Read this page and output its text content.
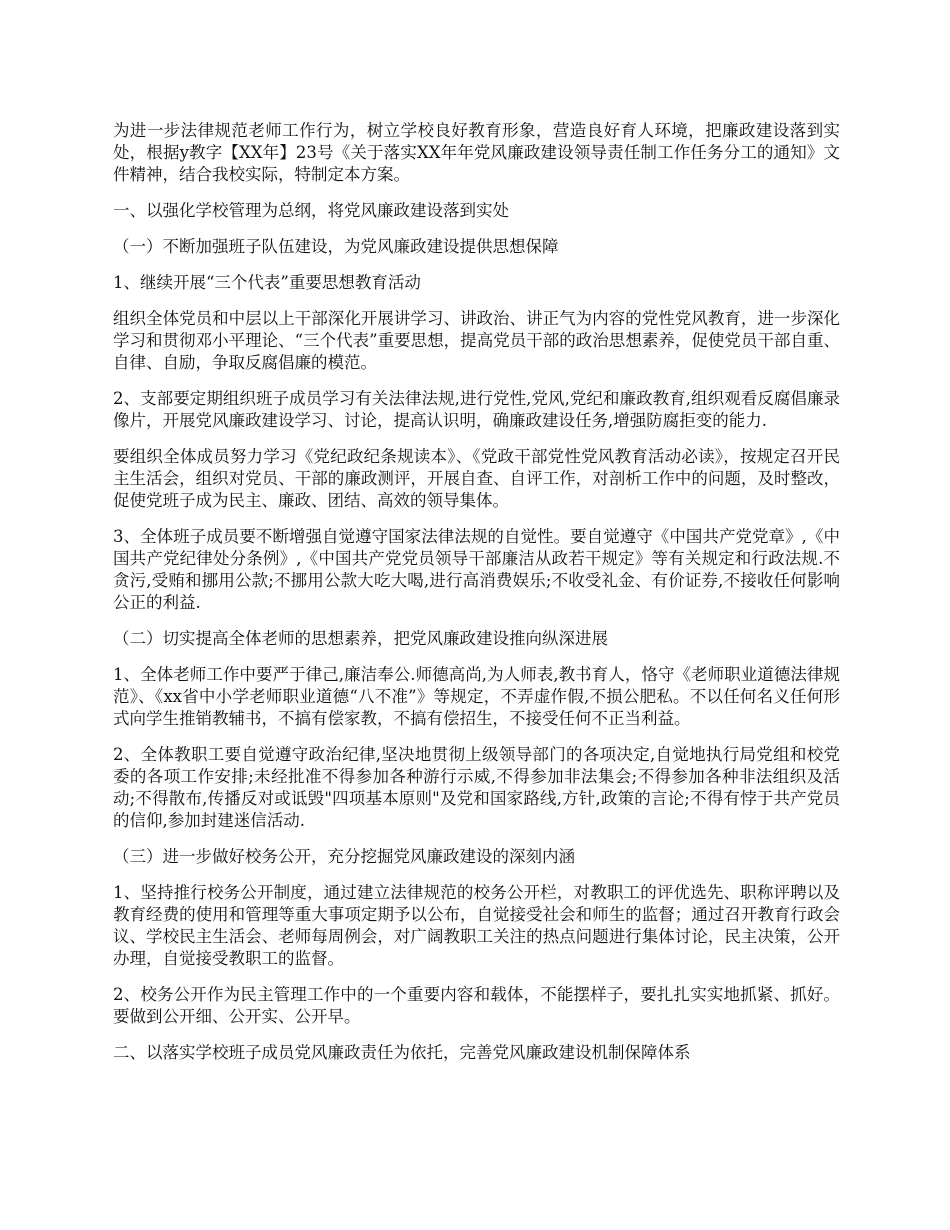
为进一步法律规范老师工作行为，树立学校良好教育形象，营造良好育人环境，把廉政建设落到实处，根据y教字【XX年】23号《关于落实XX年年党风廉政建设领导责任制工作任务分工的通知》文件精神，结合我校实际，特制定本方案。

一、以强化学校管理为总纲，将党风廉政建设落到实处

（一）不断加强班子队伍建设，为党风廉政建设提供思想保障

1、继续开展“三个代表”重要思想教育活动

组织全体党员和中层以上干部深化开展讲学习、讲政治、讲正气为内容的党性党风教育，进一步深化学习和贯彻邓小平理论、“三个代表”重要思想，提高党员干部的政治思想素养，促使党员干部自重、自律、自励，争取反腐倡廉的模范。

2、支部要定期组织班子成员学习有关法律法规,进行党性,党风,党纪和廉政教育,组织观看反腐倡廉录像片，开展党风廉政建设学习、讨论，提高认识明，确廉政建设任务,增强防腐拒变的能力.

要组织全体成员努力学习《党纪政纪条规读本》、《党政干部党性党风教育活动必读》，按规定召开民主生活会，组织对党员、干部的廉政测评，开展自查、自评工作，对剖析工作中的问题，及时整改，促使党班子成为民主、廉政、团结、高效的领导集体。

3、全体班子成员要不断增强自觉遵守国家法律法规的自觉性。要自觉遵守《中国共产党党章》,《中国共产党纪律处分条例》,《中国共产党党员领导干部廉洁从政若干规定》等有关规定和行政法规.不贪污,受贿和挪用公款;不挪用公款大吃大喝,进行高消费娱乐;不收受礼金、有价证券,不接收任何影响公正的利益.

（二）切实提高全体老师的思想素养，把党风廉政建设推向纵深进展

1、全体老师工作中要严于律己,廉洁奉公.师德高尚,为人师表,教书育人，恪守《老师职业道德法律规范》、《xx省中小学老师职业道德“八不准”》等规定，不弄虚作假,不损公肥私。不以任何名义任何形式向学生推销教辅书，不搞有偿家教，不搞有偿招生，不接受任何不正当利益。

2、全体教职工要自觉遵守政治纪律,坚决地贯彻上级领导部门的各项决定,自觉地执行局党组和校党委的各项工作安排;未经批准不得参加各种游行示威,不得参加非法集会;不得参加各种非法组织及活动;不得散布,传播反对或诋毁"四项基本原则"及党和国家路线,方针,政策的言论;不得有悖于共产党员的信仰,参加封建迷信活动.

（三）进一步做好校务公开，充分挖掘党风廉政建设的深刻内涵

1、坚持推行校务公开制度，通过建立法律规范的校务公开栏，对教职工的评优选先、职称评聘以及教育经费的使用和管理等重大事项定期予以公布，自觉接受社会和师生的监督；通过召开教育行政会议、学校民主生活会、老师每周例会，对广阔教职工关注的热点问题进行集体讨论，民主决策，公开办理，自觉接受教职工的监督。

2、校务公开作为民主管理工作中的一个重要内容和载体，不能摆样子，要扎扎实实地抓紧、抓好。要做到公开细、公开实、公开早。

二、以落实学校班子成员党风廉政责任为依托，完善党风廉政建设机制保障体系
